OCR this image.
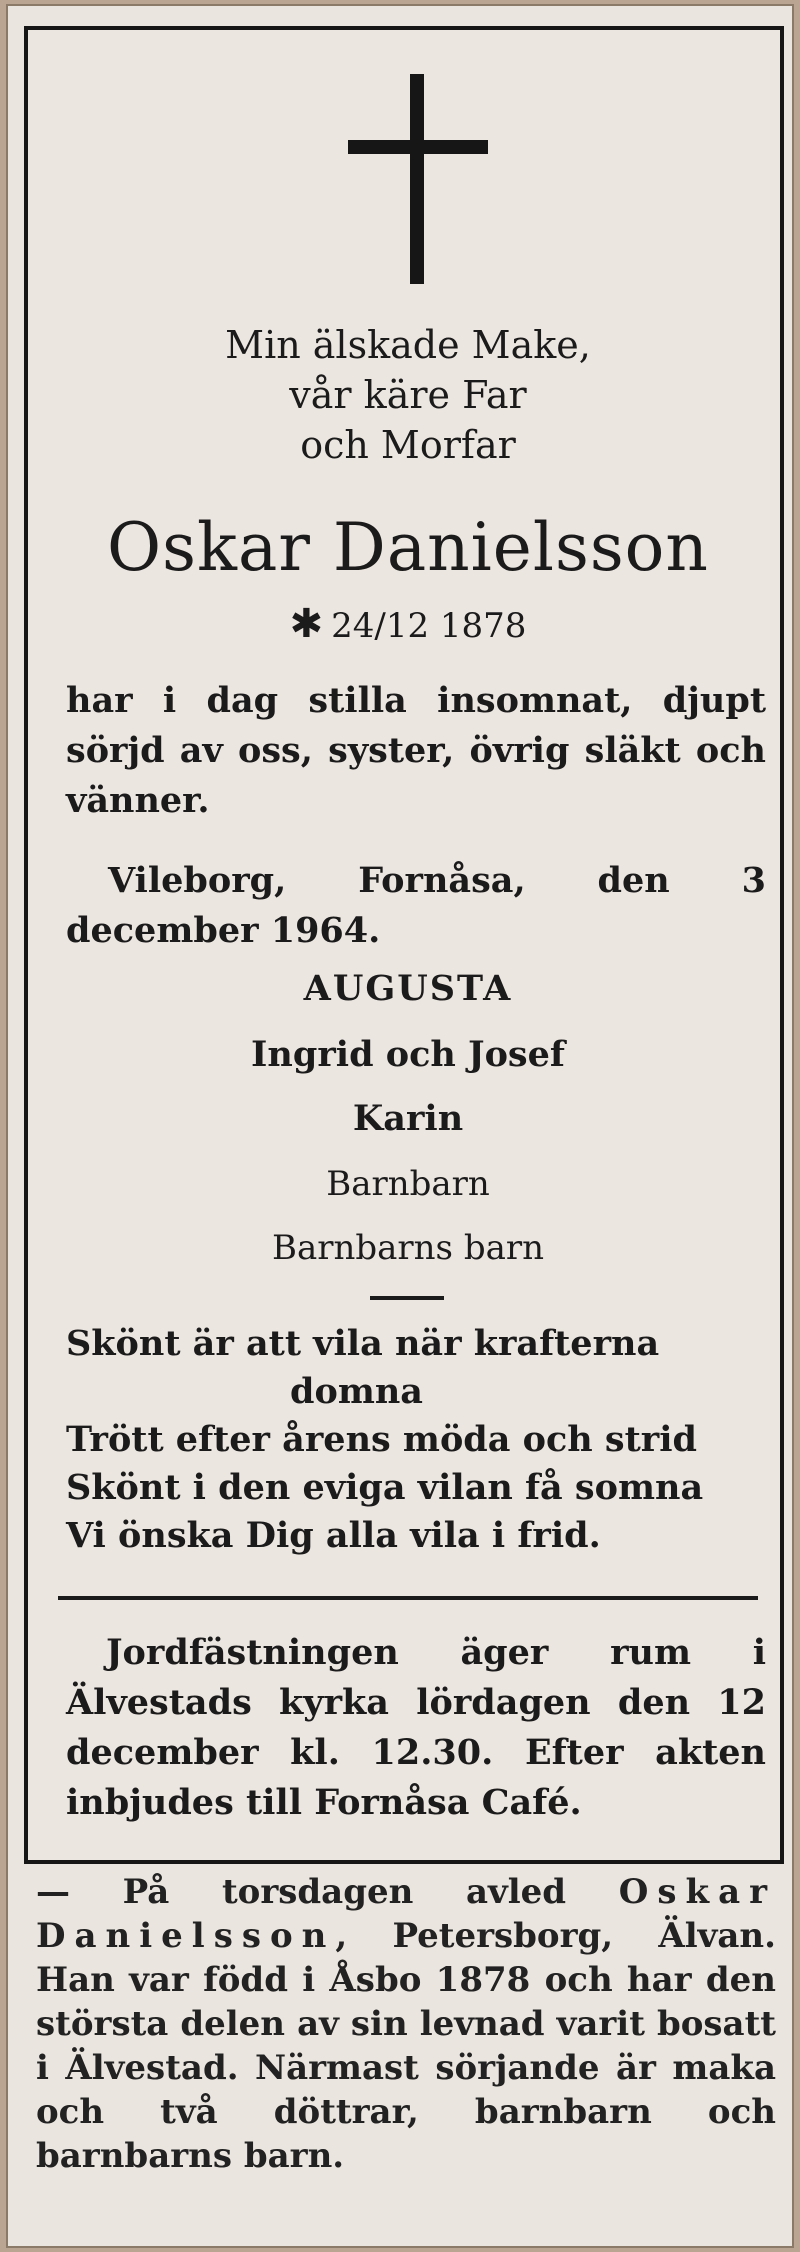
Min älskade Make,
vår käre Far
och Morfar
Oskar Danielsson
✱ 24/12 1878
har i dag stilla insomnat, djupt sörjd av oss, syster, övrig släkt och vänner.
Vileborg, Fornåsa, den 3 december 1964.
AUGUSTA
Ingrid och Josef
Karin
Barnbarn
Barnbarns barn
Skönt är att vila när krafterna
domna
Trött efter årens möda och strid
Skönt i den eviga vilan få somna
Vi önska Dig alla vila i frid.
Jordfästningen äger rum i Älvestads kyrka lördagen den 12 december kl. 12.30. Efter akten inbjudes till Fornåsa Café.
— På torsdagen avled Oskar Danielsson, Petersborg, Älvan. Han var född i Åsbo 1878 och har den största delen av sin levnad varit bosatt i Älvestad. Närmast sörjande är maka och två döttrar, barnbarn och barnbarns barn.
